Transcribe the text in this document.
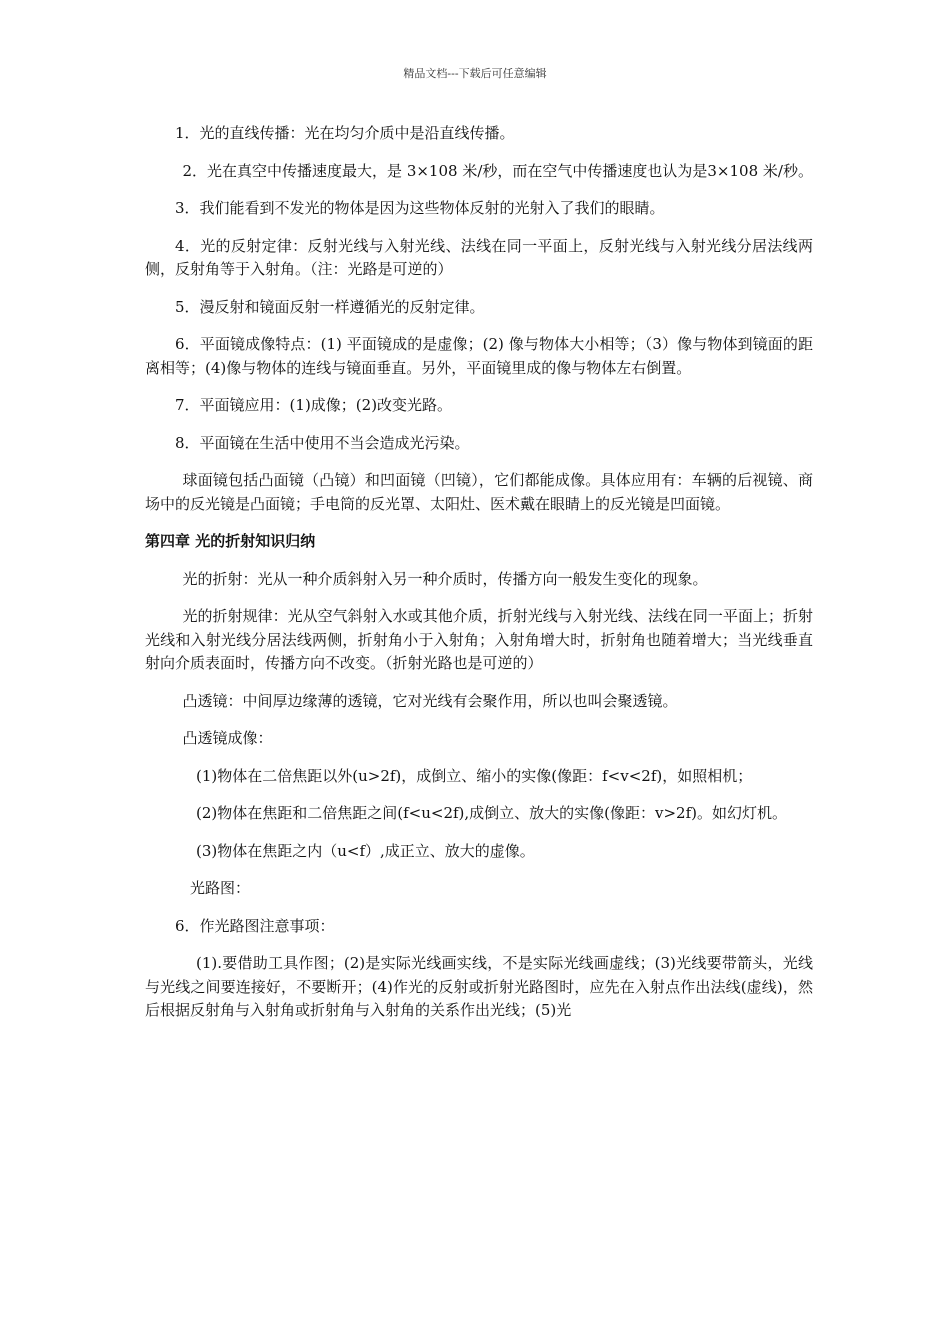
精品文档---下载后可任意编辑

1．光的直线传播：光在均匀介质中是沿直线传播。

2．光在真空中传播速度最大，是 3×108 米/秒，而在空气中传播速度也认为是3×108 米/秒。

3．我们能看到不发光的物体是因为这些物体反射的光射入了我们的眼睛。

4．光的反射定律：反射光线与入射光线、法线在同一平面上，反射光线与入射光线分居法线两侧，反射角等于入射角。（注：光路是可逆的）

5．漫反射和镜面反射一样遵循光的反射定律。

6．平面镜成像特点：(1) 平面镜成的是虚像；(2) 像与物体大小相等；（3）像与物体到镜面的距离相等；(4)像与物体的连线与镜面垂直。另外，平面镜里成的像与物体左右倒置。

7．平面镜应用：(1)成像；(2)改变光路。

8．平面镜在生活中使用不当会造成光污染。

球面镜包括凸面镜（凸镜）和凹面镜（凹镜），它们都能成像。具体应用有：车辆的后视镜、商场中的反光镜是凸面镜；手电筒的反光罩、太阳灶、医术戴在眼睛上的反光镜是凹面镜。

第四章 光的折射知识归纳

光的折射：光从一种介质斜射入另一种介质时，传播方向一般发生变化的现象。

光的折射规律：光从空气斜射入水或其他介质，折射光线与入射光线、法线在同一平面上；折射光线和入射光线分居法线两侧，折射角小于入射角；入射角增大时，折射角也随着增大；当光线垂直射向介质表面时，传播方向不改变。（折射光路也是可逆的）

凸透镜：中间厚边缘薄的透镜，它对光线有会聚作用，所以也叫会聚透镜。

凸透镜成像：

(1)物体在二倍焦距以外(u>2f)，成倒立、缩小的实像(像距：f<v<2f)，如照相机；

(2)物体在焦距和二倍焦距之间(f<u<2f),成倒立、放大的实像(像距：v>2f)。如幻灯机。

(3)物体在焦距之内（u<f）,成正立、放大的虚像。

光路图：

6．作光路图注意事项：

(1).要借助工具作图；(2)是实际光线画实线，不是实际光线画虚线；(3)光线要带箭头，光线与光线之间要连接好，不要断开；(4)作光的反射或折射光路图时，应先在入射点作出法线(虚线)，然后根据反射角与入射角或折射角与入射角的关系作出光线；(5)光
